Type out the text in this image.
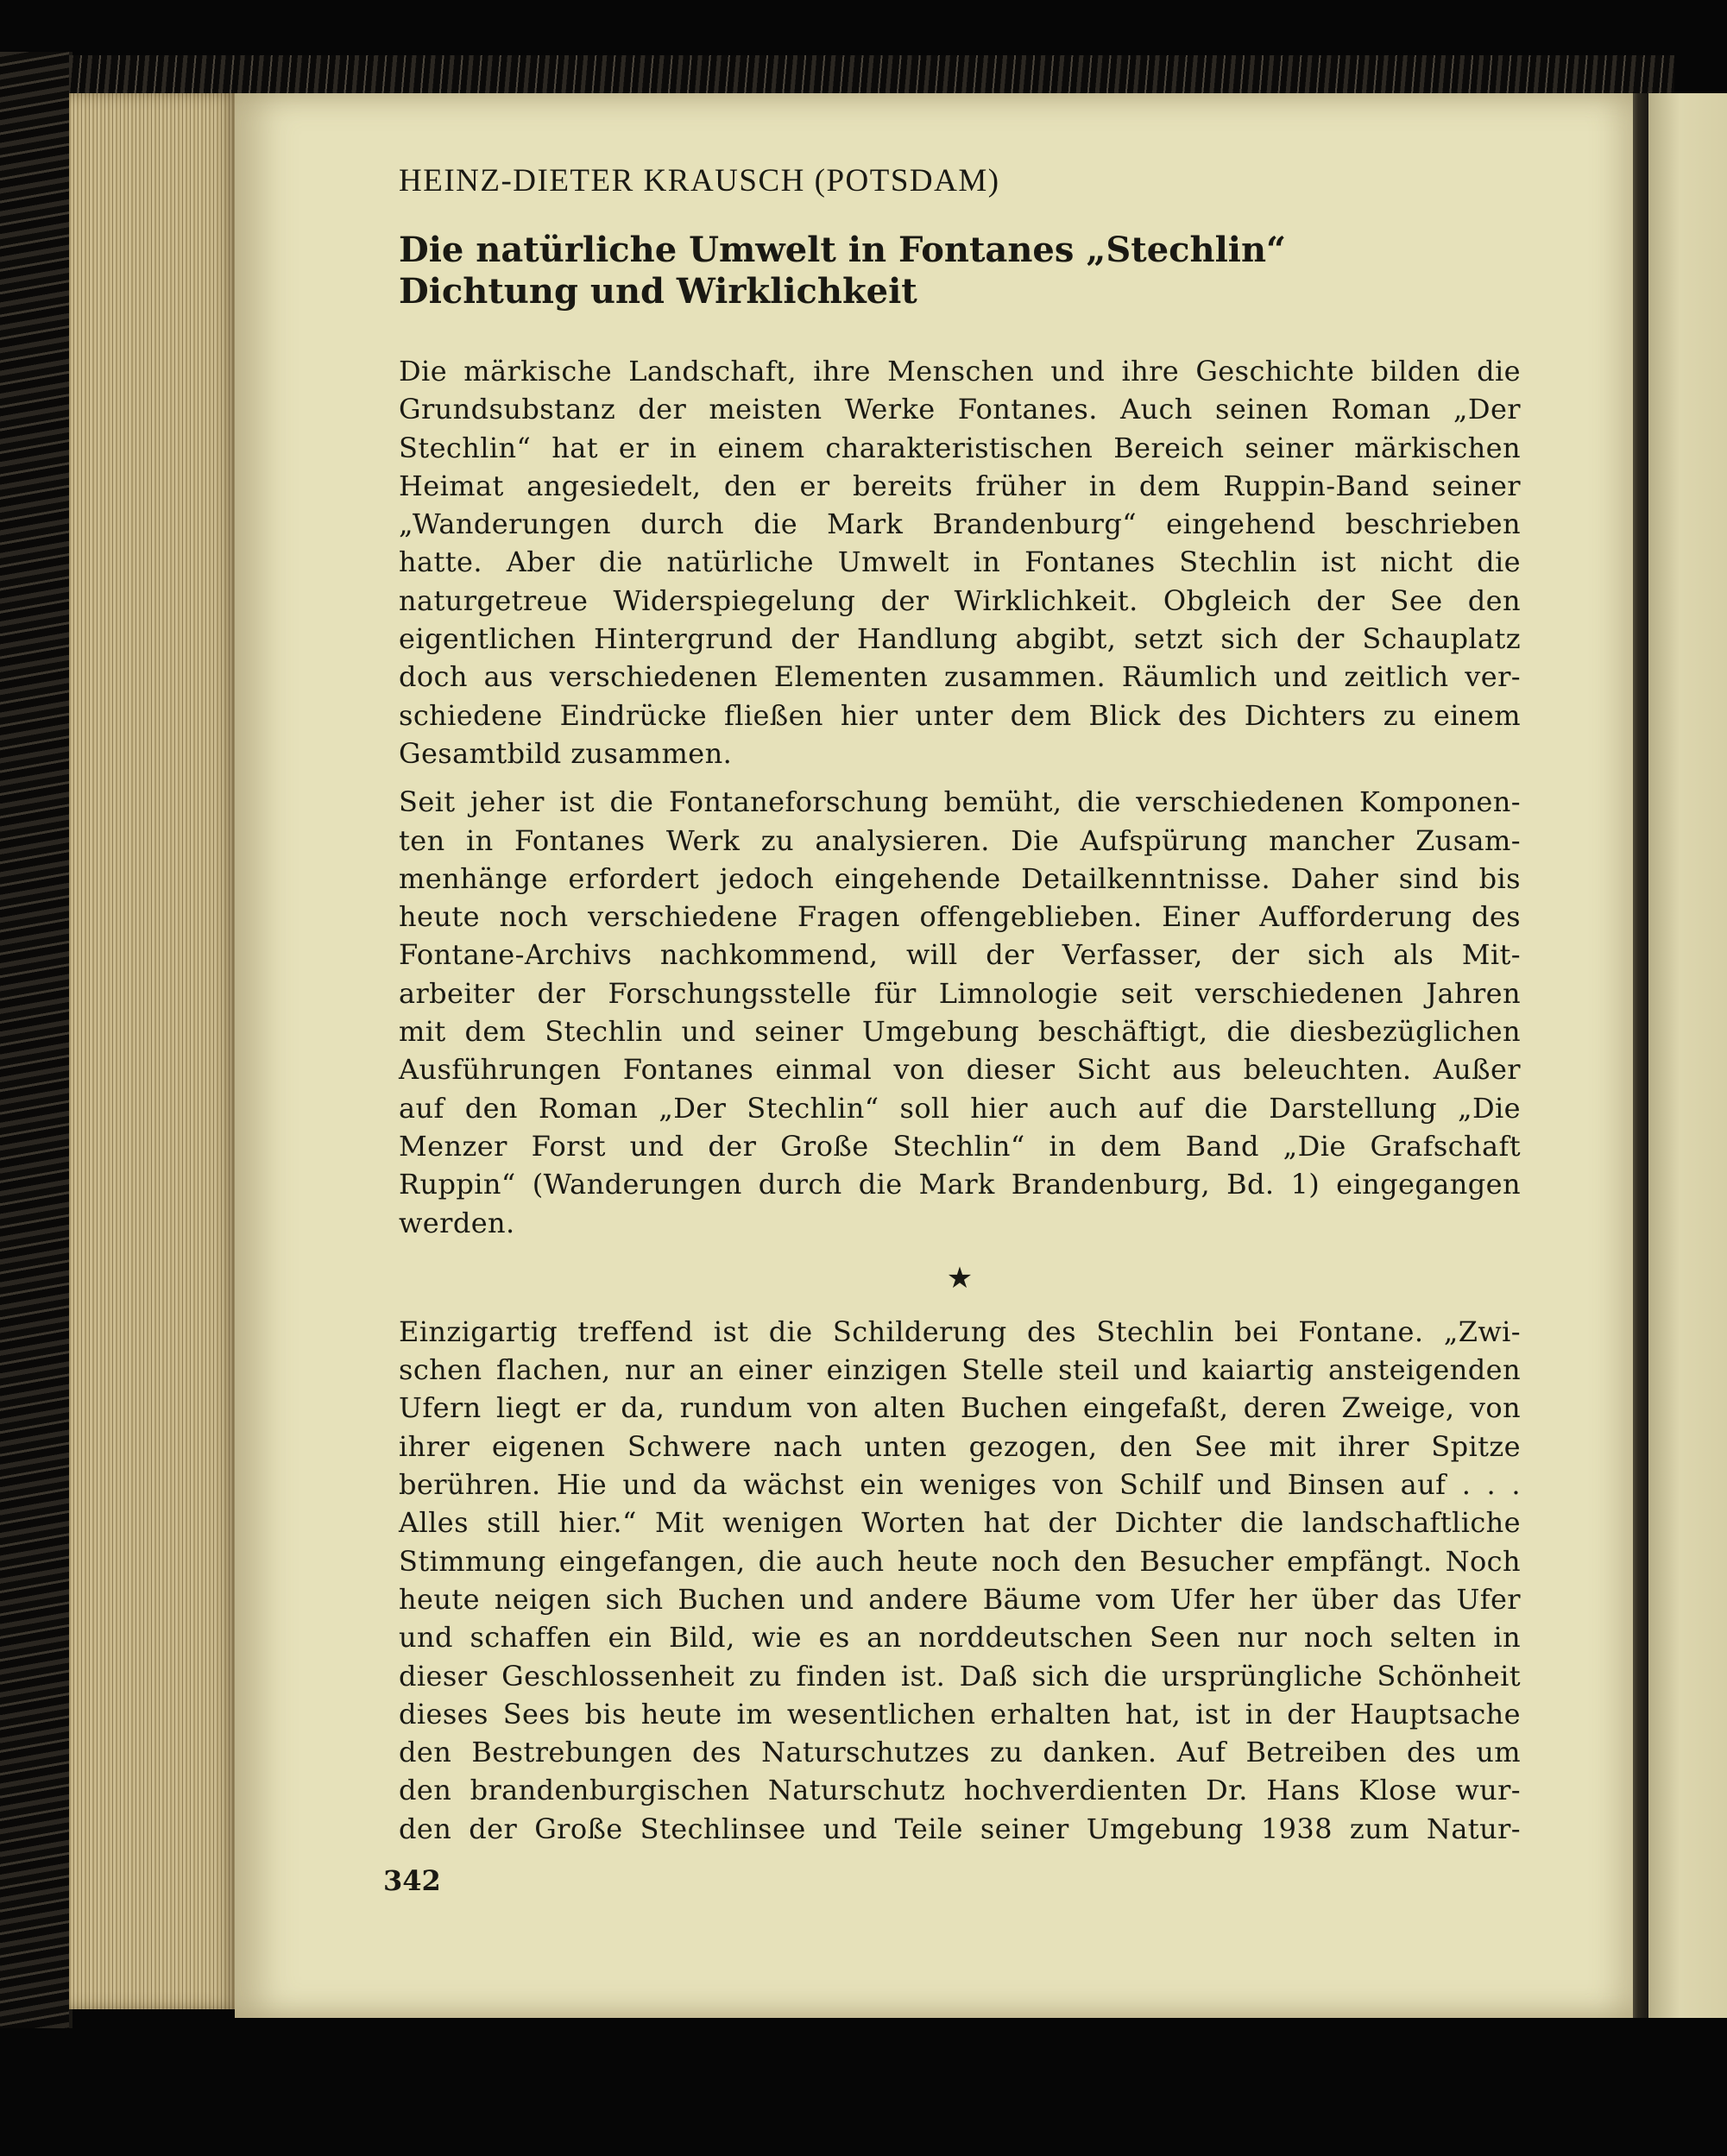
HEINZ-DIETER KRAUSCH (POTSDAM)
Die natürliche Umwelt in Fontanes „Stechlin“
Dichtung und Wirklichkeit

Die märkische Landschaft, ihre Menschen und ihre Geschichte bilden die

Grundsubstanz der meisten Werke Fontanes. Auch seinen Roman „Der

Stechlin“ hat er in einem charakteristischen Bereich seiner märkischen

Heimat angesiedelt, den er bereits früher in dem Ruppin-Band seiner

„Wanderungen durch die Mark Brandenburg“ eingehend beschrieben

hatte. Aber die natürliche Umwelt in Fontanes Stechlin ist nicht die

naturgetreue Widerspiegelung der Wirklichkeit. Obgleich der See den

eigentlichen Hintergrund der Handlung abgibt, setzt sich der Schauplatz

doch aus verschiedenen Elementen zusammen. Räumlich und zeitlich ver-

schiedene Eindrücke fließen hier unter dem Blick des Dichters zu einem

Gesamtbild zusammen.

Seit jeher ist die Fontaneforschung bemüht, die verschiedenen Komponen-

ten in Fontanes Werk zu analysieren. Die Aufspürung mancher Zusam-

menhänge erfordert jedoch eingehende Detailkenntnisse. Daher sind bis

heute noch verschiedene Fragen offengeblieben. Einer Aufforderung des

Fontane-Archivs nachkommend, will der Verfasser, der sich als Mit-

arbeiter der Forschungsstelle für Limnologie seit verschiedenen Jahren

mit dem Stechlin und seiner Umgebung beschäftigt, die diesbezüglichen

Ausführungen Fontanes einmal von dieser Sicht aus beleuchten. Außer

auf den Roman „Der Stechlin“ soll hier auch auf die Darstellung „Die

Menzer Forst und der Große Stechlin“ in dem Band „Die Grafschaft

Ruppin“ (Wanderungen durch die Mark Brandenburg, Bd. 1) eingegangen

werden.

★

Einzigartig treffend ist die Schilderung des Stechlin bei Fontane. „Zwi-

schen flachen, nur an einer einzigen Stelle steil und kaiartig ansteigenden

Ufern liegt er da, rundum von alten Buchen eingefaßt, deren Zweige, von

ihrer eigenen Schwere nach unten gezogen, den See mit ihrer Spitze

berühren. Hie und da wächst ein weniges von Schilf und Binsen auf . . .

Alles still hier.“ Mit wenigen Worten hat der Dichter die landschaftliche

Stimmung eingefangen, die auch heute noch den Besucher empfängt. Noch

heute neigen sich Buchen und andere Bäume vom Ufer her über das Ufer

und schaffen ein Bild, wie es an norddeutschen Seen nur noch selten in

dieser Geschlossenheit zu finden ist. Daß sich die ursprüngliche Schönheit

dieses Sees bis heute im wesentlichen erhalten hat, ist in der Hauptsache

den Bestrebungen des Naturschutzes zu danken. Auf Betreiben des um

den brandenburgischen Naturschutz hochverdienten Dr. Hans Klose wur-

den der Große Stechlinsee und Teile seiner Umgebung 1938 zum Natur-

342
